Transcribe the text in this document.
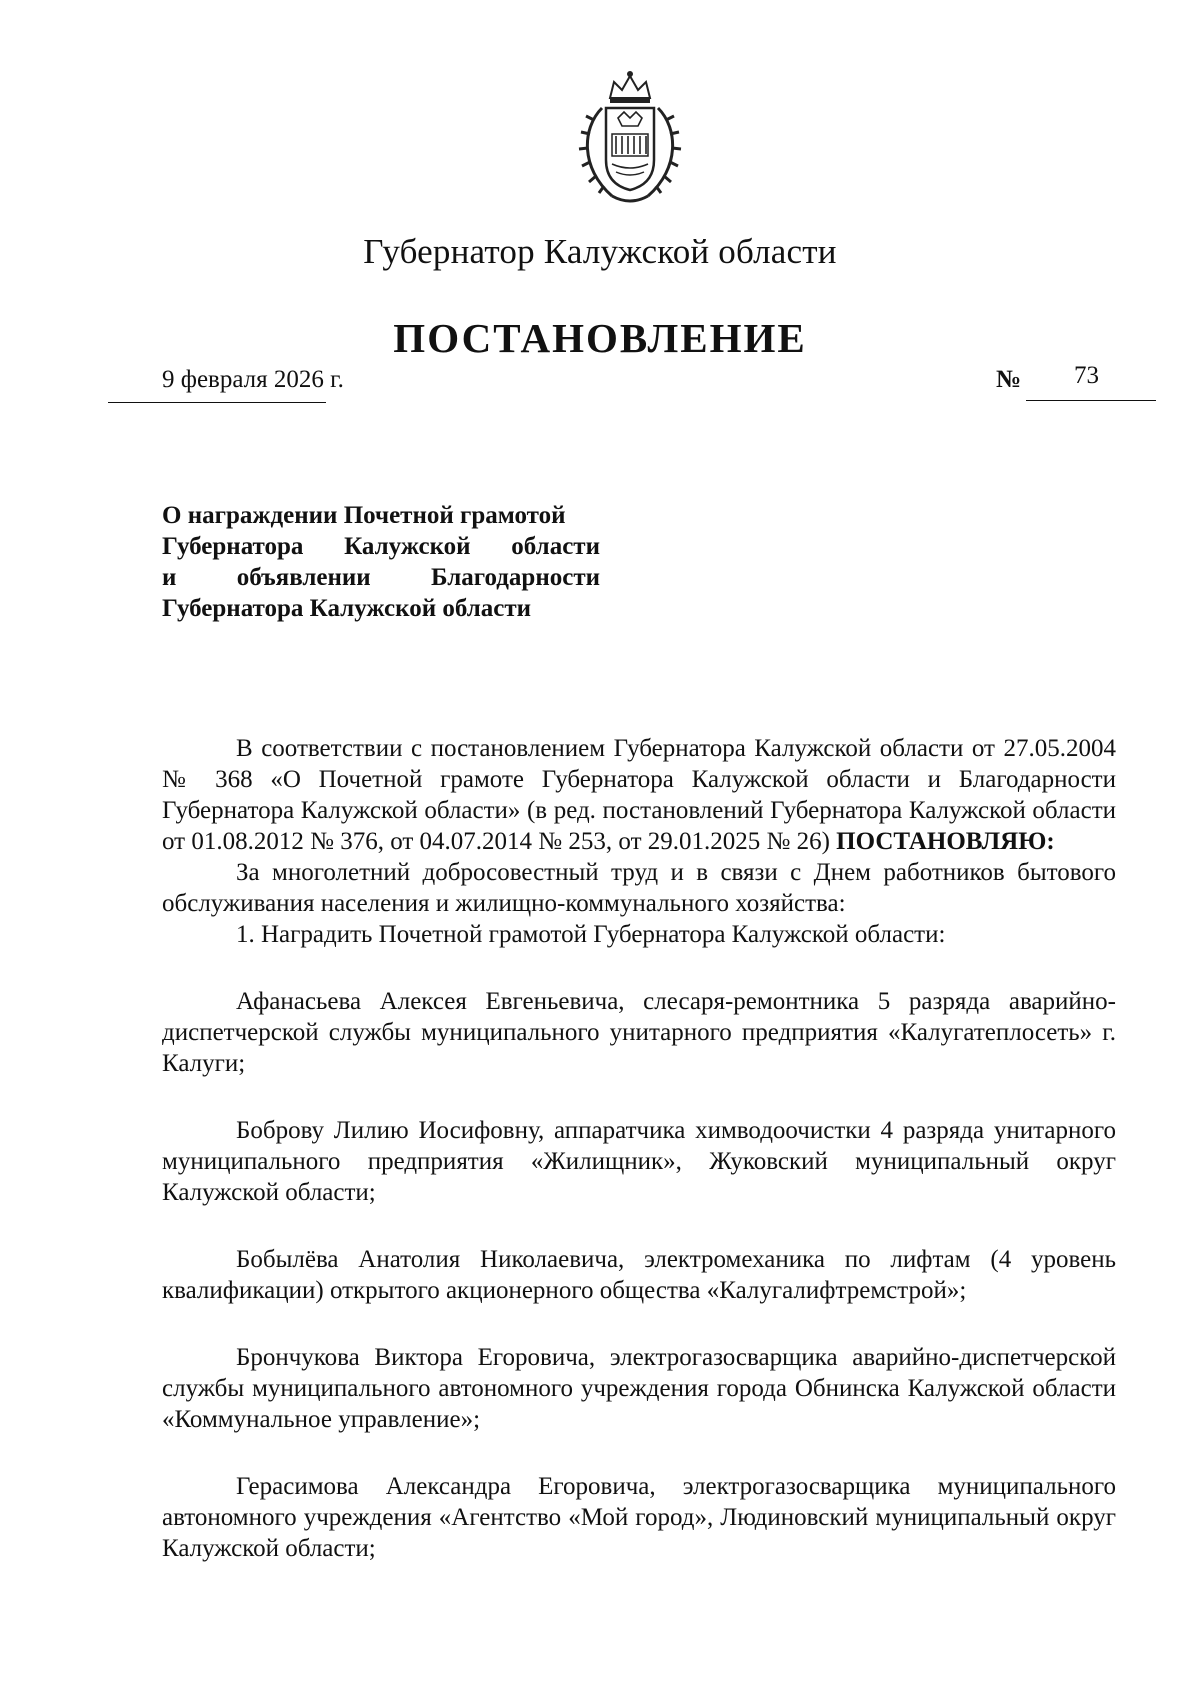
Губернатор Калужской области
ПОСТАНОВЛЕНИЕ
9 февраля 2026 г.	№ 73
О награждении Почетной грамотой
Губернатора Калужской области
и объявлении Благодарности
Губернатора Калужской области

В соответствии с постановлением Губернатора Калужской области от 27.05.2004 № 368 «О Почетной грамоте Губернатора Калужской области и Благодарности Губернатора Калужской области» (в ред. постановлений Губернатора Калужской области от 01.08.2012 № 376, от 04.07.2014 № 253, от 29.01.2025 № 26) ПОСТАНОВЛЯЮ:

За многолетний добросовестный труд и в связи с Днем работников бытового обслуживания населения и жилищно-коммунального хозяйства:

1. Наградить Почетной грамотой Губернатора Калужской области:

Афанасьева Алексея Евгеньевича, слесаря-ремонтника 5 разряда аварийно-диспетчерской службы муниципального унитарного предприятия «Калугатеплосеть» г. Калуги;

Боброву Лилию Иосифовну, аппаратчика химводоочистки 4 разряда унитарного муниципального предприятия «Жилищник», Жуковский муниципальный округ Калужской области;

Бобылёва Анатолия Николаевича, электромеханика по лифтам (4 уровень квалификации) открытого акционерного общества «Калугалифтремстрой»;

Брончукова Виктора Егоровича, электрогазосварщика аварийно-диспетчерской службы муниципального автономного учреждения города Обнинска Калужской области «Коммунальное управление»;

Герасимова Александра Егоровича, электрогазосварщика муниципального автономного учреждения «Агентство «Мой город», Людиновский муниципальный округ Калужской области;
